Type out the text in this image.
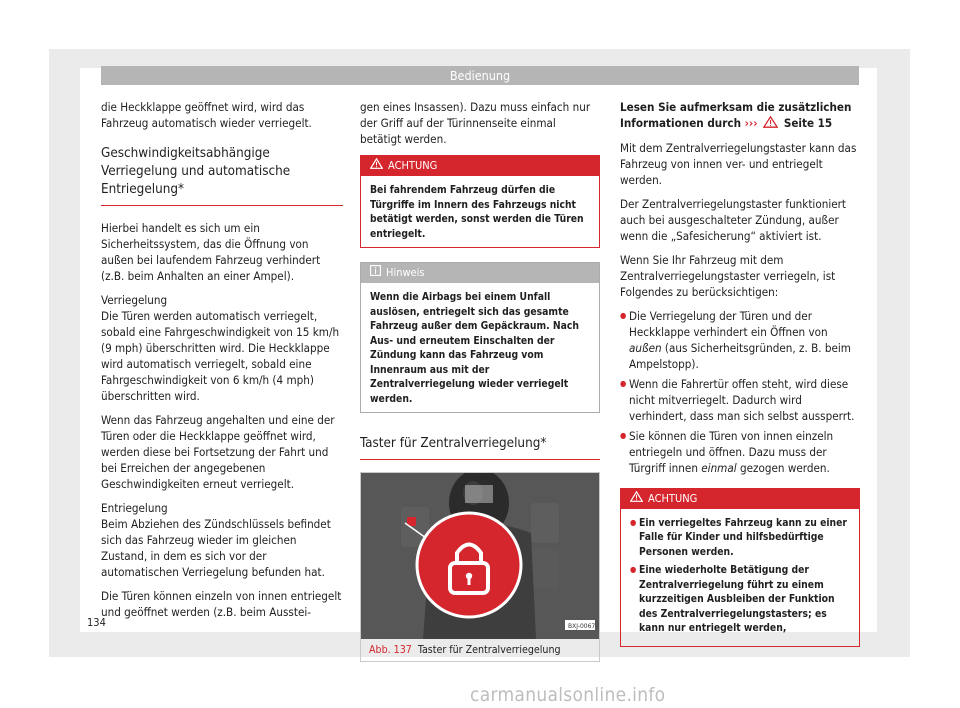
Bedienung

die Heckklappe geöffnet wird, wird das Fahrzeug automatisch wieder verriegelt.

Geschwindigkeitsabhängige Verriegelung und automatische Entriegelung*

Hierbei handelt es sich um ein Sicherheitssystem, das die Öffnung von außen bei laufendem Fahrzeug verhindert (z.B. beim Anhalten an einer Ampel).

Verriegelung

Die Türen werden automatisch verriegelt, sobald eine Fahrgeschwindigkeit von 15 km/h (9 mph) überschritten wird. Die Heckklappe wird automatisch verriegelt, sobald eine Fahrgeschwindigkeit von 6 km/h (4 mph) überschritten wird.

Wenn das Fahrzeug angehalten und eine der Türen oder die Heckklappe geöffnet wird, werden diese bei Fortsetzung der Fahrt und bei Erreichen der angegebenen Geschwindigkeiten erneut verriegelt.

Entriegelung

Beim Abziehen des Zündschlüssels befindet sich das Fahrzeug wieder im gleichen Zustand, in dem es sich vor der automatischen Verriegelung befunden hat.

Die Türen können einzeln von innen entriegelt und geöffnet werden (z.B. beim Ausstei-

gen eines Insassen). Dazu muss einfach nur der Griff auf der Türinnenseite einmal betätigt werden.

ACHTUNG
Bei fahrendem Fahrzeug dürfen die Türgriffe im Innern des Fahrzeugs nicht betätigt werden, sonst werden die Türen entriegelt.
Hinweis
Wenn die Airbags bei einem Unfall auslösen, entriegelt sich das gesamte Fahrzeug außer dem Gepäckraum. Nach Aus- und erneutem Einschalten der Zündung kann das Fahrzeug vom Innenraum aus mit der Zentralverriegelung wieder verriegelt werden.
Taster für Zentralverriegelung*
BXJ-0067
Abb. 137 Taster für Zentralverriegelung

Lesen Sie aufmerksam die zusätzlichen Informationen durch ››› Seite 15

Mit dem Zentralverriegelungstaster kann das Fahrzeug von innen ver- und entriegelt werden.

Der Zentralverriegelungstaster funktioniert auch bei ausgeschalteter Zündung, außer wenn die „Safesicherung“ aktiviert ist.

Wenn Sie Ihr Fahrzeug mit dem Zentralverriegelungstaster verriegeln, ist Folgendes zu berücksichtigen:

● Die Verriegelung der Türen und der Heckklappe verhindert ein Öffnen von außen (aus Sicherheitsgründen, z. B. beim Ampelstopp).

● Wenn die Fahrertür offen steht, wird diese nicht mitverriegelt. Dadurch wird verhindert, dass man sich selbst aussperrt.

● Sie können die Türen von innen einzeln entriegeln und öffnen. Dazu muss der Türgriff innen einmal gezogen werden.

ACHTUNG
● Ein verriegeltes Fahrzeug kann zu einer Falle für Kinder und hilfsbedürftige Personen werden.
● Eine wiederholte Betätigung der Zentralverriegelung führt zu einem kurzzeitigen Ausbleiben der Funktion des Zentralverriegelungstasters; es kann nur entriegelt werden,
134
carmanualsonline.info
